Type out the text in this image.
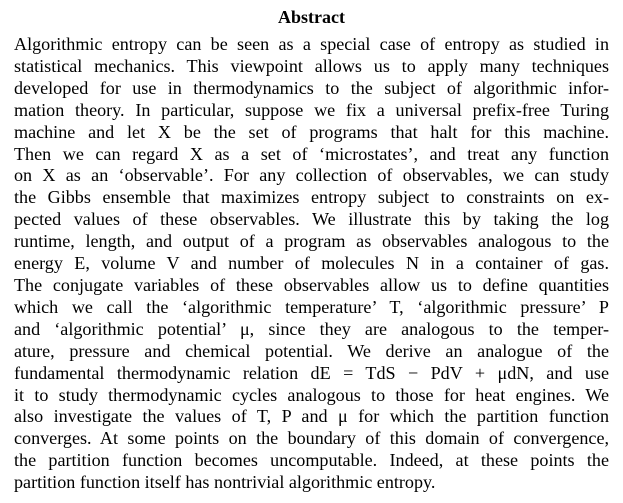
Abstract
Algorithmic entropy can be seen as a special case of entropy as studied in
statistical mechanics. This viewpoint allows us to apply many techniques
developed for use in thermodynamics to the subject of algorithmic infor-
mation theory. In particular, suppose we fix a universal prefix-free Turing
machine and let X be the set of programs that halt for this machine.
Then we can regard X as a set of ‘microstates’, and treat any function
on X as an ‘observable’. For any collection of observables, we can study
the Gibbs ensemble that maximizes entropy subject to constraints on ex-
pected values of these observables. We illustrate this by taking the log
runtime, length, and output of a program as observables analogous to the
energy E, volume V and number of molecules N in a container of gas.
The conjugate variables of these observables allow us to define quantities
which we call the ‘algorithmic temperature’ T, ‘algorithmic pressure’ P
and ‘algorithmic potential’ μ, since they are analogous to the temper-
ature, pressure and chemical potential. We derive an analogue of the
fundamental thermodynamic relation dE = TdS − PdV + μdN, and use
it to study thermodynamic cycles analogous to those for heat engines. We
also investigate the values of T, P and μ for which the partition function
converges. At some points on the boundary of this domain of convergence,
the partition function becomes uncomputable. Indeed, at these points the
partition function itself has nontrivial algorithmic entropy.
